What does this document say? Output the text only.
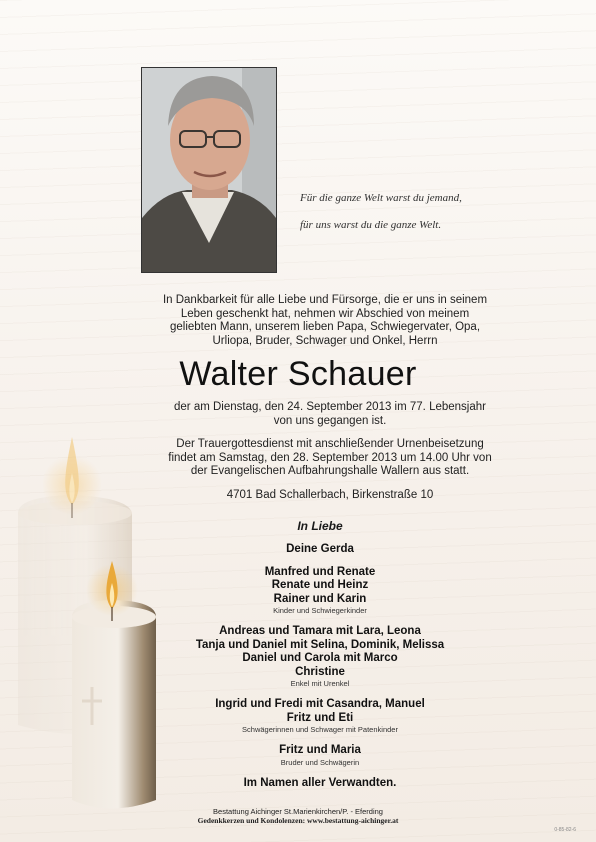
Für die ganze Welt warst du jemand,
für uns warst du die ganze Welt.
In Dankbarkeit für alle Liebe und Fürsorge, die er uns in seinem
Leben geschenkt hat, nehmen wir Abschied von meinem
geliebten Mann, unserem lieben Papa, Schwiegervater, Opa,
Urliopa, Bruder, Schwager und Onkel, Herrn
Walter Schauer
der am Dienstag, den 24. September 2013 im 77. Lebensjahr
von uns gegangen ist.
Der Trauergottesdienst mit anschließender Urnenbeisetzung
findet am Samstag, den 28. September 2013 um 14.00 Uhr von
der Evangelischen Aufbahrungshalle Wallern aus statt.
4701 Bad Schallerbach, Birkenstraße 10
In Liebe
Deine Gerda
Manfred und Renate
Renate und Heinz
Rainer und Karin
Kinder und Schwiegerkinder
Andreas und Tamara mit Lara, Leona
Tanja und Daniel mit Selina, Dominik, Melissa
Daniel und Carola mit Marco
Christine
Enkel mit Urenkel
Ingrid und Fredi mit Casandra, Manuel
Fritz und Eti
Schwägerinnen und Schwager mit Patenkinder
Fritz und Maria
Bruder und Schwägerin
Im Namen aller Verwandten.
Bestattung Aichinger St.Marienkirchen/P. - Eferding
Gedenkkerzen und Kondolenzen: www.bestattung-aichinger.at
0-85-82-6
